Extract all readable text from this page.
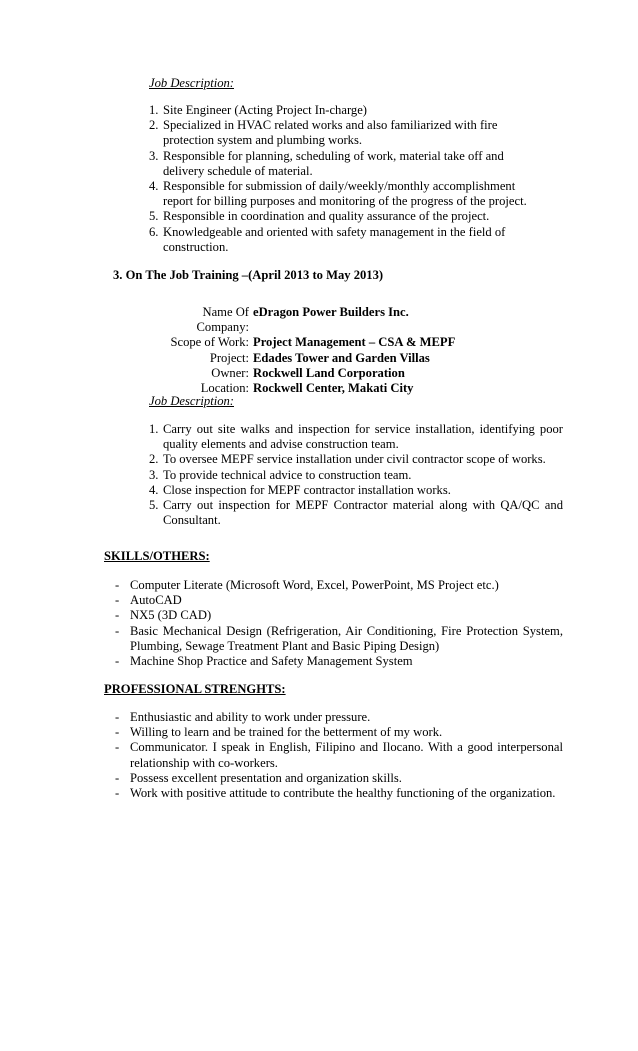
Job Description:
1. Site Engineer (Acting Project In-charge)
2. Specialized in HVAC related works and also familiarized with fire protection system and plumbing works.
3. Responsible for planning, scheduling of work, material take off and delivery schedule of material.
4. Responsible for submission of daily/weekly/monthly accomplishment report for billing purposes and monitoring of the progress of the project.
5. Responsible in coordination and quality assurance of the project.
6. Knowledgeable and oriented with safety management in the field of construction.
3. On The Job Training –(April 2013 to May 2013)
Name Of Company:
eDragon Power Builders Inc.
Scope of Work: Project Management – CSA & MEPF
Project: Edades Tower and Garden Villas
Owner: Rockwell Land Corporation
Location: Rockwell Center, Makati City
Job Description:
1. Carry out site walks and inspection for service installation, identifying poor quality elements and advise construction team.
2. To oversee MEPF service installation under civil contractor scope of works.
3. To provide technical advice to construction team.
4. Close inspection for MEPF contractor installation works.
5. Carry out inspection for MEPF Contractor material along with QA/QC and Consultant.
SKILLS/OTHERS:
- Computer Literate (Microsoft Word, Excel, PowerPoint, MS Project etc.)
- AutoCAD
- NX5 (3D CAD)
- Basic Mechanical Design (Refrigeration, Air Conditioning, Fire Protection System, Plumbing, Sewage Treatment Plant and Basic Piping Design)
- Machine Shop Practice and Safety Management System
PROFESSIONAL STRENGHTS:
- Enthusiastic and ability to work under pressure.
- Willing to learn and be trained for the betterment of my work.
- Communicator. I speak in English, Filipino and Ilocano. With a good interpersonal relationship with co-workers.
- Possess excellent presentation and organization skills.
- Work with positive attitude to contribute the healthy functioning of the organization.
